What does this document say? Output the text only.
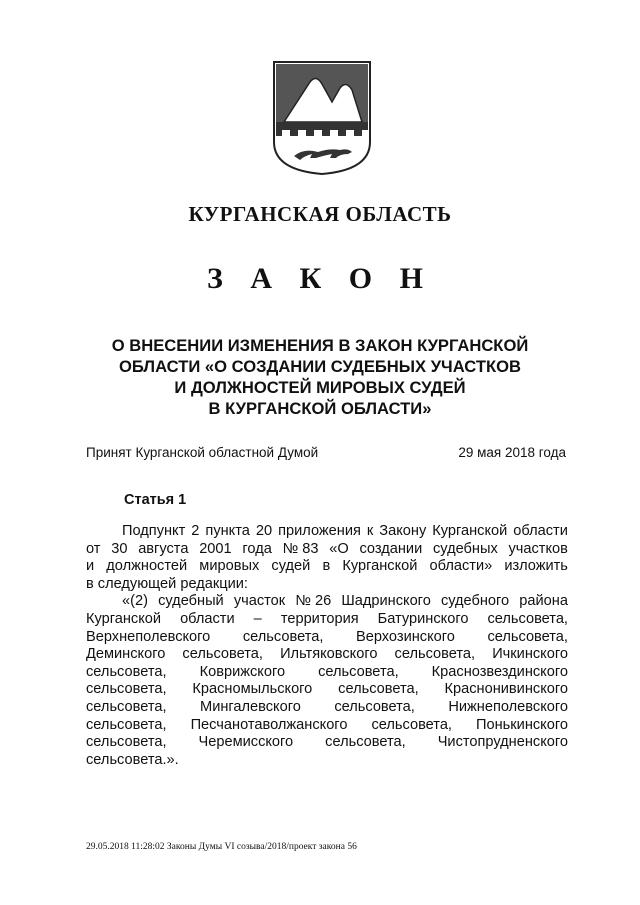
КУРГАНСКАЯ ОБЛАСТЬ
З А К О Н
О ВНЕСЕНИИ ИЗМЕНЕНИЯ В ЗАКОН КУРГАНСКОЙ
ОБЛАСТИ «О СОЗДАНИИ СУДЕБНЫХ УЧАСТКОВ
И ДОЛЖНОСТЕЙ МИРОВЫХ СУДЕЙ
В КУРГАНСКОЙ ОБЛАСТИ»
Принят Курганской областной Думой	29 мая 2018 года
Статья 1
Подпункт 2 пункта 20 приложения к Закону Курганской области
от 30 августа 2001 года № 83 «О создании судебных участков
и должностей мировых судей в Курганской области» изложить
в следующей редакции:
«(2) судебный участок № 26 Шадринского судебного района
Курганской области – территория Батуринского сельсовета,
Верхнеполевского сельсовета, Верхозинского сельсовета,
Деминского сельсовета, Ильтяковского сельсовета, Ичкинского
сельсовета, Коврижского сельсовета, Краснозвездинского
сельсовета, Красномыльского сельсовета, Краснонивинского
сельсовета, Мингалевского сельсовета, Нижнеполевского
сельсовета, Песчанотаволжанского сельсовета, Понькинского
сельсовета, Черемисского сельсовета, Чистопрудненского
сельсовета.».
29.05.2018 11:28:02 Законы Думы VI созыва/2018/проект закона 56
